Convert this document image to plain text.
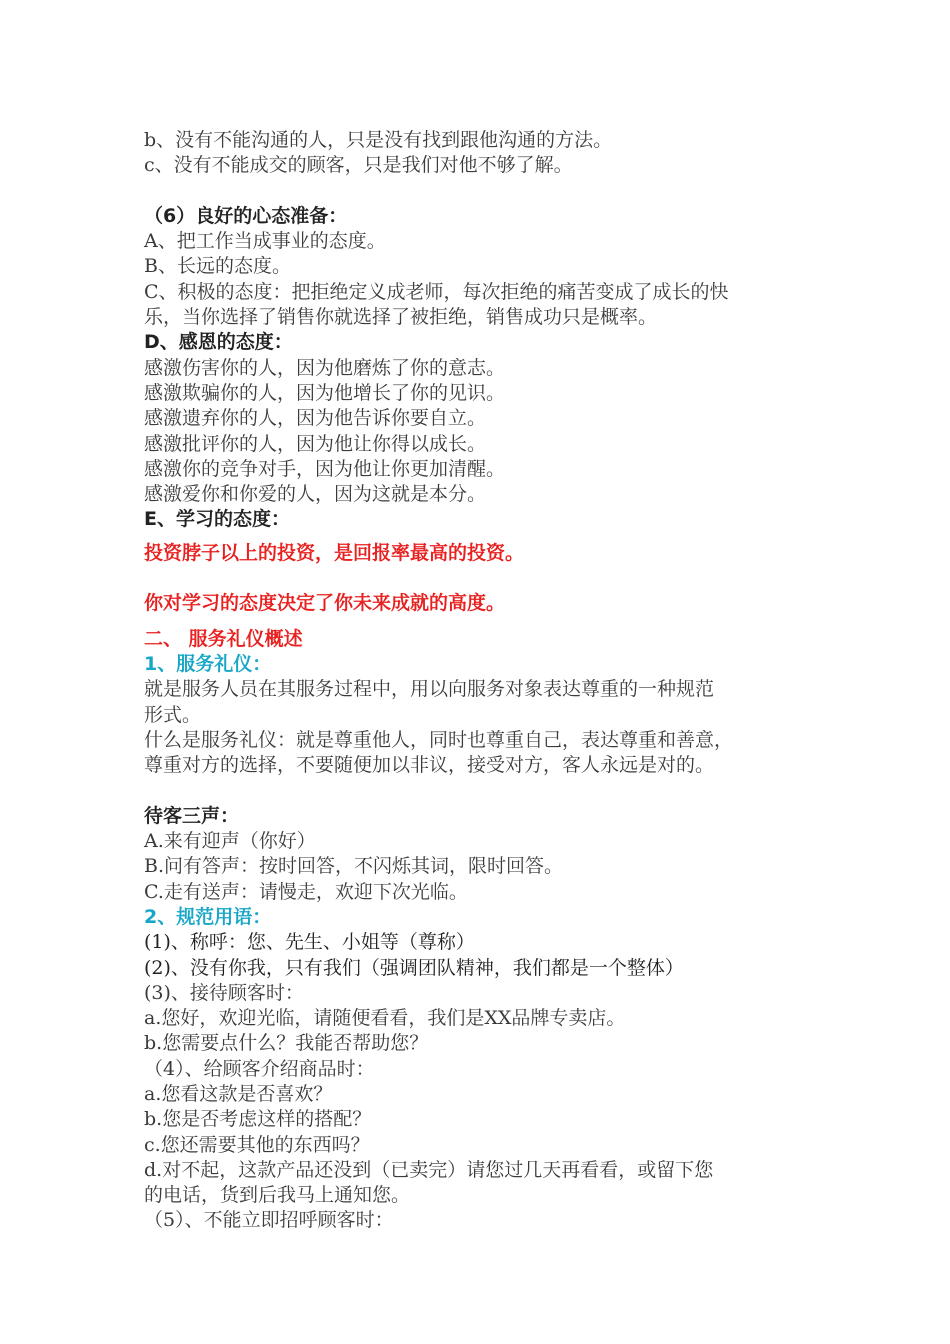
b、没有不能沟通的人，只是没有找到跟他沟通的方法。
c、没有不能成交的顾客，只是我们对他不够了解。
（6）良好的心态准备：
A、把工作当成事业的态度。
B、长远的态度。
C、积极的态度：把拒绝定义成老师，每次拒绝的痛苦变成了成长的快
乐，当你选择了销售你就选择了被拒绝，销售成功只是概率。
D、感恩的态度：
感激伤害你的人，因为他磨炼了你的意志。
感激欺骗你的人，因为他增长了你的见识。
感激遗弃你的人，因为他告诉你要自立。
感激批评你的人，因为他让你得以成长。
感激你的竞争对手，因为他让你更加清醒。
感激爱你和你爱的人，因为这就是本分。
E、学习的态度：
投资脖子以上的投资，是回报率最高的投资。
你对学习的态度决定了你未来成就的高度。
二、 服务礼仪概述
1、服务礼仪：
就是服务人员在其服务过程中，用以向服务对象表达尊重的一种规范
形式。
什么是服务礼仪：就是尊重他人，同时也尊重自己，表达尊重和善意，
尊重对方的选择，不要随便加以非议，接受对方，客人永远是对的。
待客三声：
A.来有迎声（你好）
B.问有答声：按时回答，不闪烁其词，限时回答。
C.走有送声：请慢走，欢迎下次光临。
2、规范用语：
(1)、称呼：您、先生、小姐等（尊称）
(2)、没有你我，只有我们（强调团队精神，我们都是一个整体）
(3)、接待顾客时：
a.您好，欢迎光临，请随便看看，我们是XX品牌专卖店。
b.您需要点什么？我能否帮助您？
（4）、给顾客介绍商品时：
a.您看这款是否喜欢？
b.您是否考虑这样的搭配？
c.您还需要其他的东西吗？
d.对不起，这款产品还没到（已卖完）请您过几天再看看，或留下您
的电话，货到后我马上通知您。
（5）、不能立即招呼顾客时：
